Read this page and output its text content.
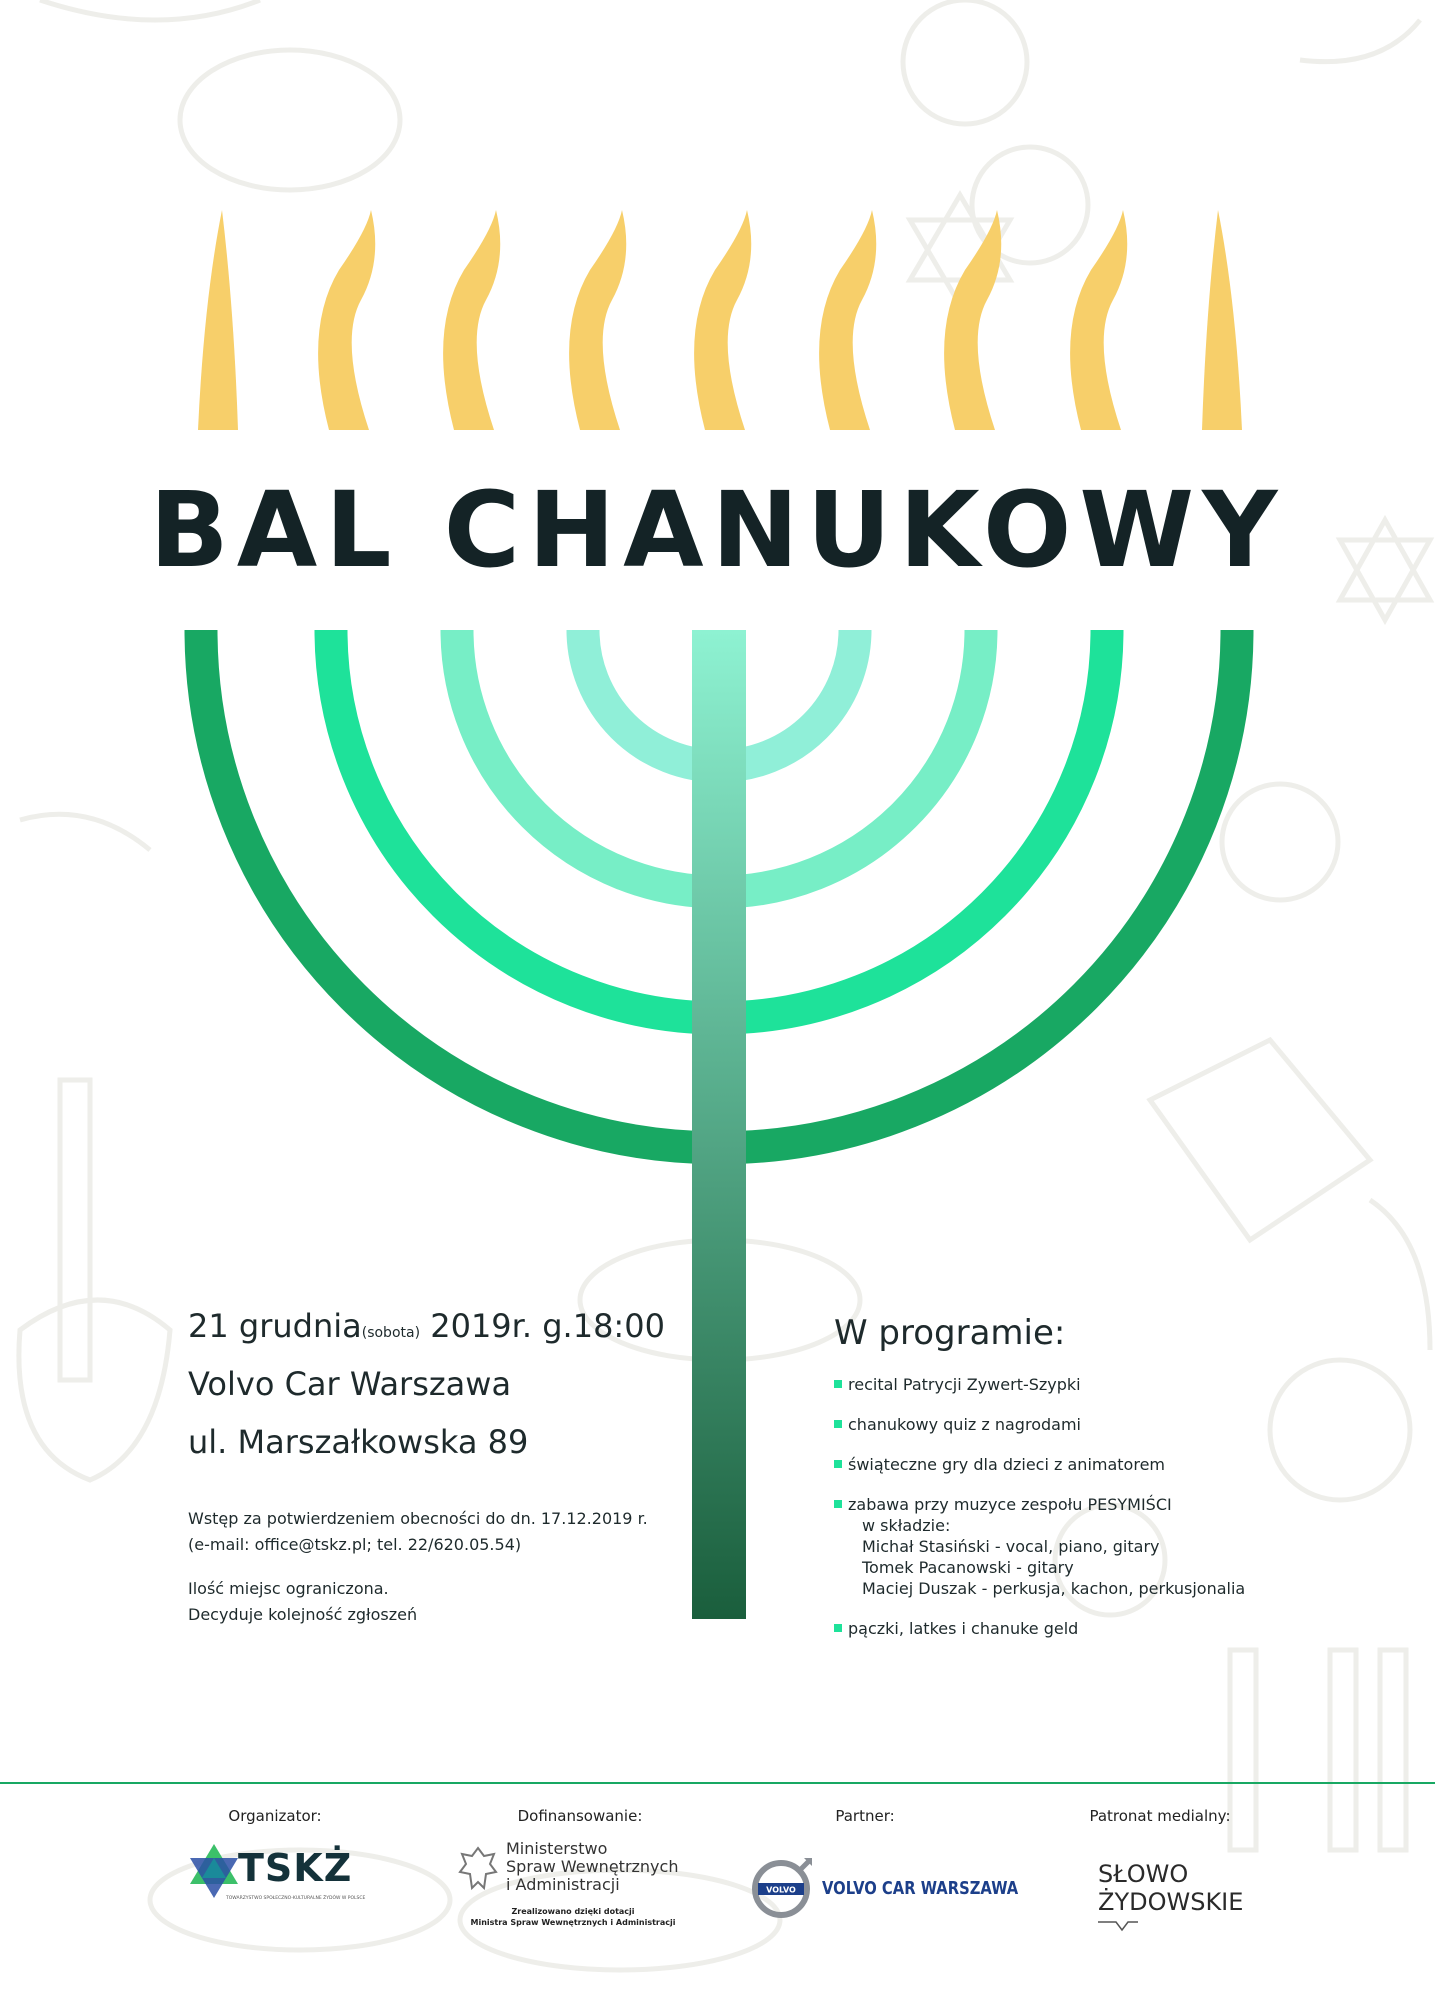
BAL CHANUKOWY
21 grudnia(sobota) 2019r. g.18:00
Volvo Car Warszawa
ul. Marszałkowska 89
Wstęp za potwierdzeniem obecności do dn. 17.12.2019 r.
(e-mail: office@tskz.pl; tel. 22/620.05.54)
Ilość miejsc ograniczona.
Decyduje kolejność zgłoszeń
W programie:
recital Patrycji Zywert-Szypki
chanukowy quiz z nagrodami
świąteczne gry dla dzieci z animatorem
zabawa przy muzyce zespołu PESYMIŚCI
w składzie:
Michał Stasiński - vocal, piano, gitary
Tomek Pacanowski - gitary
Maciej Duszak - perkusja, kachon, perkusjonalia
pączki, latkes i chanuke geld
Organizator:	Dofinansowanie:	Partner:	Patronat medialny:
TSKŻ
TOWARZYSTWO SPOŁECZNO-KULTURALNE ŻYDÓW W POLSCE
Ministerstwo
Spraw Wewnętrznych
i Administracji
Zrealizowano dzięki dotacji
Ministra Spraw Wewnętrznych i Administracji
VOLVO VOLVO CAR WARSZAWA
SŁOWO
ŻYDOWSKIE
